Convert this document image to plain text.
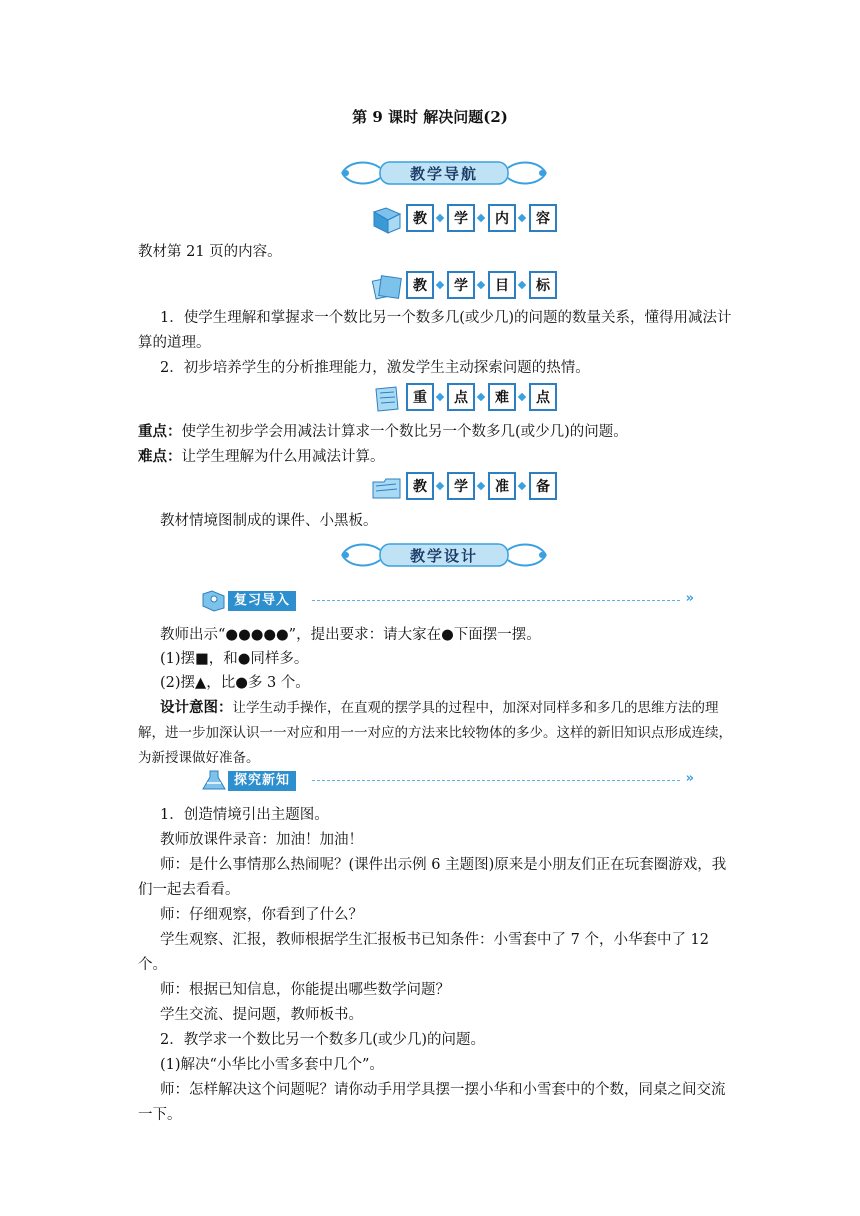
第 9 课时 解决问题(2)
教学导航
教	学	内	容
教材第 21 页的内容。
教	学	目	标
1．使学生理解和掌握求一个数比另一个数多几(或少几)的问题的数量关系，懂得用减法计算的道理。
2．初步培养学生的分析推理能力，激发学生主动探索问题的热情。
重	点	难	点
重点：使学生初步学会用减法计算求一个数比另一个数多几(或少几)的问题。
难点：让学生理解为什么用减法计算。
教	学	准	备
教材情境图制成的课件、小黑板。
教学设计
复习导入	»
教师出示“●●●●●”，提出要求：请大家在●下面摆一摆。
(1)摆■，和●同样多。
(2)摆▲，比●多 3 个。
设计意图：让学生动手操作，在直观的摆学具的过程中，加深对同样多和多几的思维方法的理解，进一步加深认识一一对应和用一一对应的方法来比较物体的多少。这样的新旧知识点形成连续，为新授课做好准备。
探究新知	»
1．创造情境引出主题图。
教师放课件录音：加油！加油！
师：是什么事情那么热闹呢？(课件出示例 6 主题图)原来是小朋友们正在玩套圈游戏，我们一起去看看。
师：仔细观察，你看到了什么？
学生观察、汇报，教师根据学生汇报板书已知条件：小雪套中了 7 个，小华套中了 12 个。
师：根据已知信息，你能提出哪些数学问题？
学生交流、提问题，教师板书。
2．教学求一个数比另一个数多几(或少几)的问题。
(1)解决“小华比小雪多套中几个”。
师：怎样解决这个问题呢？请你动手用学具摆一摆小华和小雪套中的个数，同桌之间交流一下。
